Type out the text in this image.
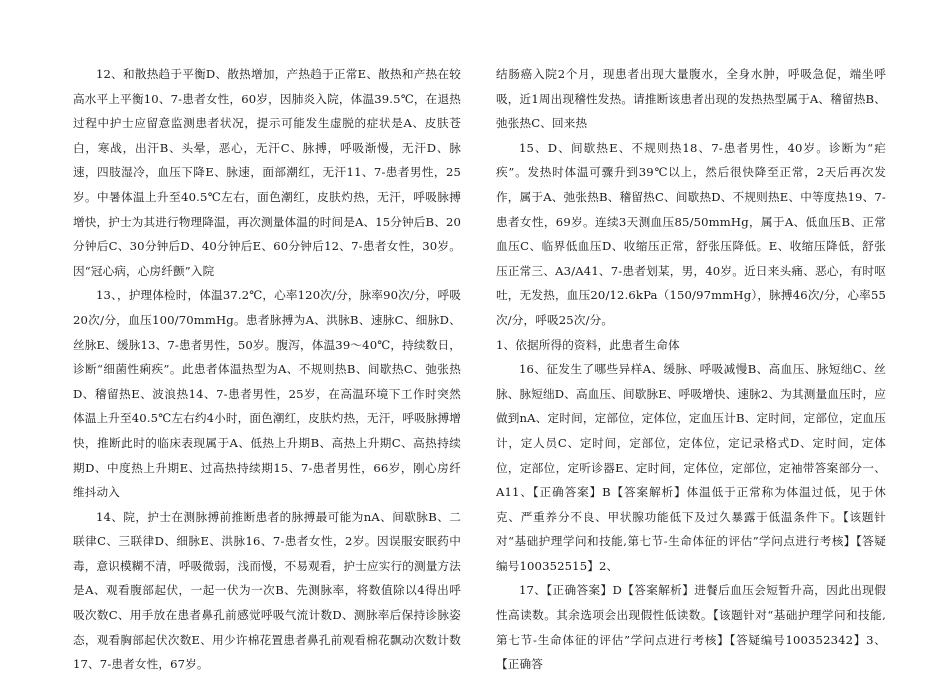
12、和散热趋于平衡D、散热增加，产热趋于正常E、散热和产热在较高水平上平衡10、7-患者女性，60岁，因肺炎入院，体温39.5℃，在退热过程中护士应留意监测患者状况，提示可能发生虚脱的症状是A、皮肤苍白，寒战，出汗B、头晕，恶心，无汗C、脉搏，呼吸渐慢，无汗D、脉速，四肢湿冷，血压下降E、脉速，面部潮红，无汗11、7-患者男性，25岁。中暑体温上升至40.5℃左右，面色潮红，皮肤灼热，无汗，呼吸脉搏增快，护士为其进行物理降温，再次测量体温的时间是A、15分钟后B、20分钟后C、30分钟后D、40分钟后E、60分钟后12、7-患者女性，30岁。因“冠心病，心房纤颤”入院

13、，护理体检时，体温37.2℃，心率120次/分，脉率90次/分，呼吸20次/分，血压100/70mmHg。患者脉搏为A、洪脉B、速脉C、细脉D、丝脉E、缓脉13、7-患者男性，50岁。腹泻，体温39～40℃，持续数日，诊断“细菌性痢疾”。此患者体温热型为A、不规则热B、间歇热C、弛张热D、稽留热E、波浪热14、7-患者男性，25岁，在高温环境下工作时突然体温上升至40.5℃左右约4小时，面色潮红，皮肤灼热，无汗，呼吸脉搏增快，推断此时的临床表现属于A、低热上升期B、高热上升期C、高热持续期D、中度热上升期E、过高热持续期15、7-患者男性，66岁，刚心房纤维抖动入

14、院，护士在测脉搏前推断患者的脉搏最可能为nA、间歇脉B、二联律C、三联律D、细脉E、洪脉16、7-患者女性，2岁。因误服安眠药中毒，意识模糊不清，呼吸微弱，浅而慢，不易观看，护士应实行的测量方法是A、观看腹部起伏，一起一伏为一次B、先测脉率，将数值除以4得出呼吸次数C、用手放在患者鼻孔前感觉呼吸气流计数D、测脉率后保持诊脉姿态，观看胸部起伏次数E、用少许棉花置患者鼻孔前观看棉花飘动次数计数17、7-患者女性，67岁。

结肠癌入院2个月，现患者出现大量腹水，全身水肿，呼吸急促，端坐呼吸，近1周出现稽性发热。请推断该患者出现的发热热型属于A、稽留热B、弛张热C、回来热

15、D、间歇热E、不规则热18、7-患者男性，40岁。诊断为“疟疾”。发热时体温可骤升到39℃以上，然后很快降至正常，2天后再次发作，属于A、弛张热B、稽留热C、间歇热D、不规则热E、中等度热19、7-患者女性，69岁。连续3天测血压85/50mmHg，属于A、低血压B、正常血压C、临界低血压D、收缩压正常，舒张压降低。E、收缩压降低，舒张压正常三、A3/A41、7-患者划某，男，40岁。近日来头痛、恶心，有时呕吐，无发热，血压20/12.6kPa（150/97mmHg），脉搏46次/分，心率55次/分，呼吸25次/分。

1、依据所得的资料，此患者生命体

16、征发生了哪些异样A、缓脉、呼吸减慢B、高血压、脉短绌C、丝脉、脉短绌D、高血压、间歇脉E、呼吸增快、速脉2、为其测量血压时，应做到nA、定时间，定部位，定体位，定血压计B、定时间，定部位，定血压计，定人员C、定时间，定部位，定体位，定记录格式D、定时间，定体位，定部位，定听诊器E、定时间，定体位，定部位，定袖带答案部分一、A11、【正确答案】B【答案解析】体温低于正常称为体温过低，见于休克、严重养分不良、甲状腺功能低下及过久暴露于低温条件下。【该题针对“基础护理学问和技能,第七节-生命体征的评估”学问点进行考核】【答疑编号100352515】2、

17、【正确答案】D【答案解析】进餐后血压会短暂升高，因此出现假性高读数。其余选项会出现假性低读数。【该题针对“基础护理学问和技能,第七节-生命体征的评估”学问点进行考核】【答疑编号100352342】3、【正确答
